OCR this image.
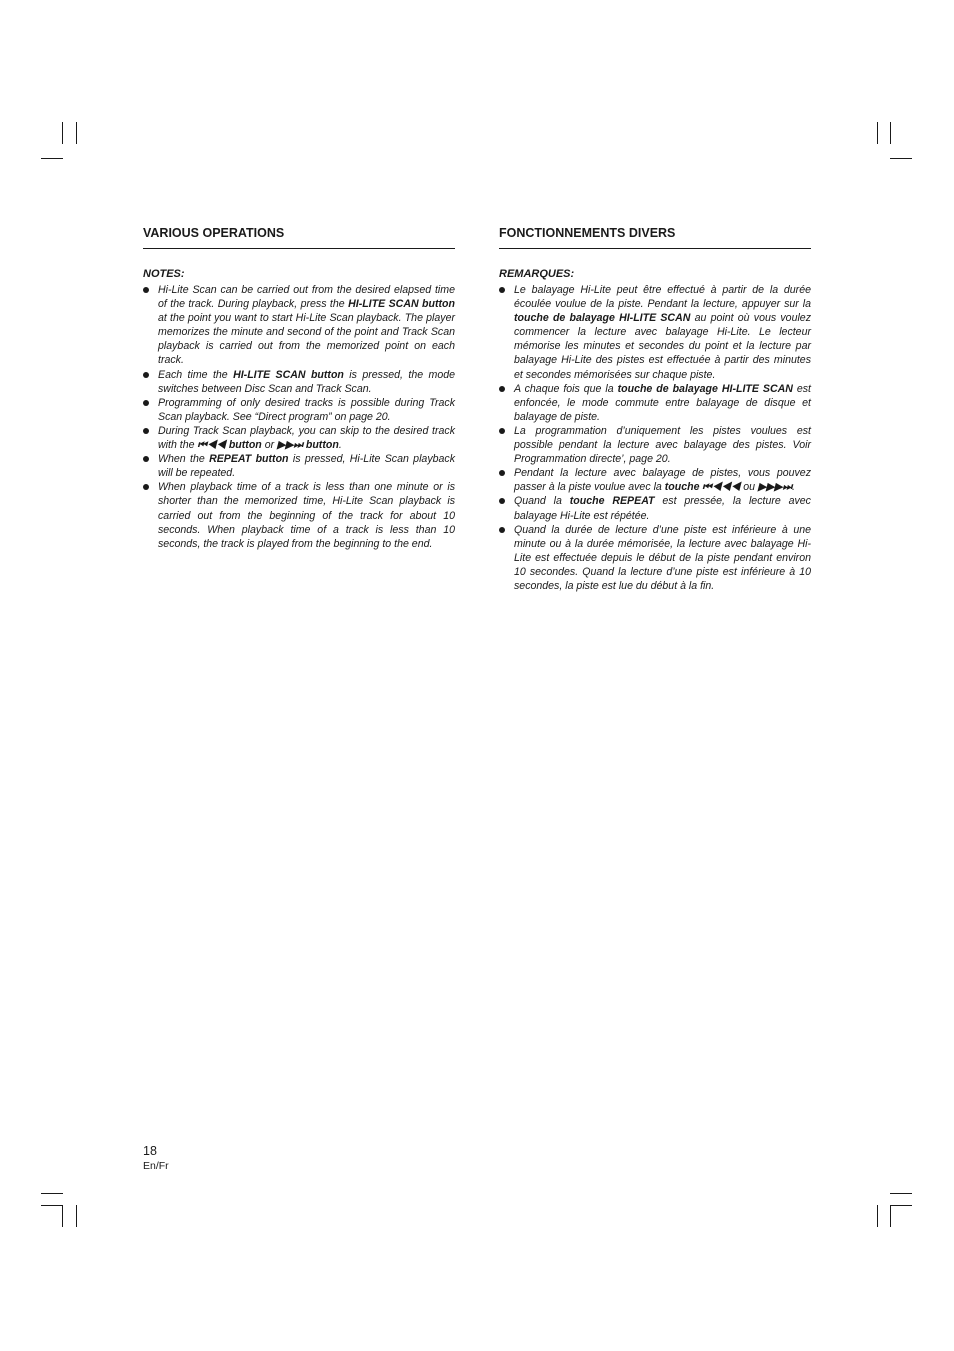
VARIOUS OPERATIONS
NOTES:
Hi-Lite Scan can be carried out from the desired elapsed time of the track. During playback, press the HI-LITE SCAN button at the point you want to start Hi-Lite Scan playback. The player memorizes the minute and second of the point and Track Scan playback is carried out from the memorized point on each track.
Each time the HI-LITE SCAN button is pressed, the mode switches between Disc Scan and Track Scan.
Programming of only desired tracks is possible during Track Scan playback. See “Direct program” on page 20.
During Track Scan playback, you can skip to the desired track with the ⏮◀◀ button or ▶▶⏭ button.
When the REPEAT button is pressed, Hi-Lite Scan playback will be repeated.
When playback time of a track is less than one minute or is shorter than the memorized time, Hi-Lite Scan playback is carried out from the beginning of the track for about 10 seconds. When playback time of a track is less than 10 seconds, the track is played from the beginning to the end.
FONCTIONNEMENTS DIVERS
REMARQUES:
Le balayage Hi-Lite peut être effectué à partir de la durée écoulée voulue de la piste. Pendant la lecture, appuyer sur la touche de balayage HI-LITE SCAN au point où vous voulez commencer la lecture avec balayage Hi-Lite. Le lecteur mémorise les minutes et secondes du point et la lecture par balayage Hi-Lite des pistes est effectuée à partir des minutes et secondes mémorisées sur chaque piste.
A chaque fois que la touche de balayage HI-LITE SCAN est enfoncée, le mode commute entre balayage de disque et balayage de piste.
La programmation d’uniquement les pistes voulues est possible pendant la lecture avec balayage des pistes. Voir Programmation directe’, page 20.
Pendant la lecture avec balayage de pistes, vous pouvez passer à la piste voulue avec la touche ⏮◀◀◀ ou ▶▶▶⏭.
Quand la touche REPEAT est pressée, la lecture avec balayage Hi-Lite est répétée.
Quand la durée de lecture d’une piste est inférieure à une minute ou à la durée mémorisée, la lecture avec balayage Hi-Lite est effectuée depuis le début de la piste pendant environ 10 secondes. Quand la lecture d’une piste est inférieure à 10 secondes, la piste est lue du début à la fin.
18
En/Fr
